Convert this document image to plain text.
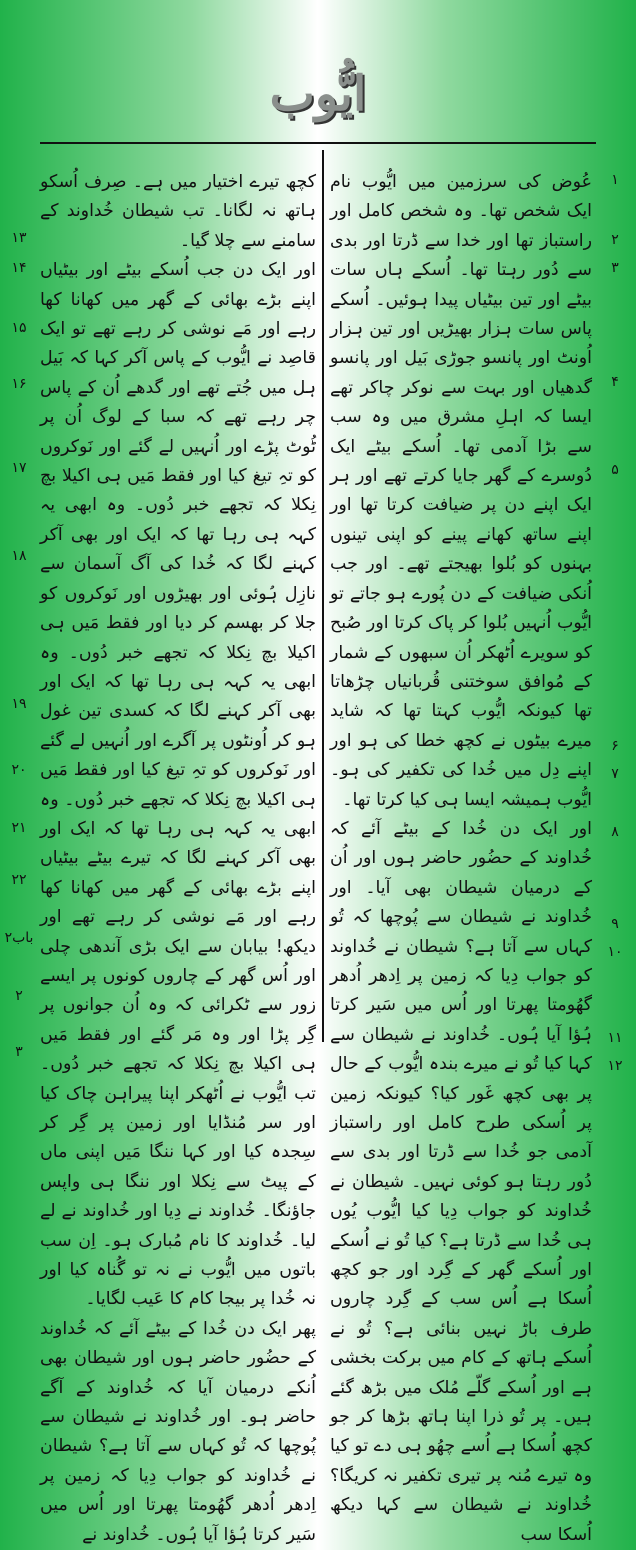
ایُّوب

عُوض کی سرزمین میں ایُّوب نام ایک شخص تھا۔ وہ شخص کامل اور راستباز تھا اور خدا سے ڈرتا اور بدی سے دُور رہتا تھا۔ اُسکے ہاں سات بیٹے اور تین بیٹیاں پیدا ہوئیں۔ اُسکے پاس سات ہزار بھیڑیں اور تین ہزار اُونٹ اور پانسو جوڑی بَیل اور پانسو گدھیاں اور بہت سے نوکر چاکر تھے ایسا کہ اہلِ مشرق میں وہ سب سے بڑا آدمی تھا۔ اُسکے بیٹے ایک دُوسرے کے گھر جایا کرتے تھے اور ہر ایک اپنے دن پر ضیافت کرتا تھا اور اپنے ساتھ کھانے پینے کو اپنی تینوں بہنوں کو بُلوا بھیجتے تھے۔ اور جب اُنکی ضیافت کے دن پُورے ہو جاتے تو ایُّوب اُنہیں بُلوا کر پاک کرتا اور صُبح کو سویرے اُٹھکر اُن سبھوں کے شمار کے مُوافق سوختنی قُربانیاں چڑھاتا تھا کیونکہ ایُّوب کہتا تھا کہ شاید میرے بیٹوں نے کچھ خطا کی ہو اور اپنے دِل میں خُدا کی تکفیر کی ہو۔ ایُّوب ہمیشہ ایسا ہی کیا کرتا تھا۔

اور ایک دن خُدا کے بیٹے آئے کہ خُداوند کے حضُور حاضر ہوں اور اُن کے درمیان شیطان بھی آیا۔ اور خُداوند نے شیطان سے پُوچھا کہ تُو کہاں سے آتا ہے؟ شیطان نے خُداوند کو جواب دِیا کہ زمین پر اِدھر اُدھر گھُومتا پھرتا اور اُس میں سَیر کرتا ہُؤا آیا ہُوں۔ خُداوند نے شیطان سے کہا کیا تُو نے میرے بندہ ایُّوب کے حال پر بھی کچھ غَور کیا؟ کیونکہ زمین پر اُسکی طرح کامل اور راستباز آدمی جو خُدا سے ڈرتا اور بدی سے دُور رہتا ہو کوئی نہیں۔ شیطان نے خُداوند کو جواب دِیا کیا ایُّوب یُوں ہی خُدا سے ڈرتا ہے؟ کیا تُو نے اُسکے اور اُسکے گھر کے گِرد اور جو کچھ اُسکا ہے اُس سب کے گِرد چاروں طرف باڑ نہیں بنائی ہے؟ تُو نے اُسکے ہاتھ کے کام میں برکت بخشی ہے اور اُسکے گلّے مُلک میں بڑھ گئے ہیں۔ پر تُو ذرا اپنا ہاتھ بڑھا کر جو کچھ اُسکا ہے اُسے چھُو ہی دے تو کیا وہ تیرے مُنہ پر تیری تکفیر نہ کریگا؟ خُداوند نے شیطان سے کہا دیکھ اُسکا سب

کچھ تیرے اختیار میں ہے۔ صِرف اُسکو ہاتھ نہ لگانا۔ تب شیطان خُداوند کے سامنے سے چلا گیا۔

اور ایک دن جب اُسکے بیٹے اور بیٹیاں اپنے بڑے بھائی کے گھر میں کھانا کھا رہے اور مَے نوشی کر رہے تھے تو ایک قاصِد نے ایُّوب کے پاس آکر کہا کہ بَیل ہل میں جُتے تھے اور گدھے اُن کے پاس چر رہے تھے کہ سبا کے لوگ اُن پر ٹُوٹ پڑے اور اُنہیں لے گئے اور نَوکروں کو تہِ تیغ کیا اور فقط مَیں ہی اکیلا بچ نِکلا کہ تجھے خبر دُوں۔ وہ ابھی یہ کہہ ہی رہا تھا کہ ایک اور بھی آکر کہنے لگا کہ خُدا کی آگ آسمان سے نازِل ہُوئی اور بھیڑوں اور نَوکروں کو جلا کر بھسم کر دیا اور فقط مَیں ہی اکیلا بچ نِکلا کہ تجھے خبر دُوں۔ وہ ابھی یہ کہہ ہی رہا تھا کہ ایک اور بھی آکر کہنے لگا کہ کسدی تین غول ہو کر اُونٹوں پر آگرے اور اُنہیں لے گئے اور نَوکروں کو تہِ تیغ کیا اور فقط مَیں ہی اکیلا بچ نِکلا کہ تجھے خبر دُوں۔ وہ ابھی یہ کہہ ہی رہا تھا کہ ایک اور بھی آکر کہنے لگا کہ تیرے بیٹے بیٹیاں اپنے بڑے بھائی کے گھر میں کھانا کھا رہے اور مَے نوشی کر رہے تھے اور دیکھ! بیابان سے ایک بڑی آندھی چلی اور اُس گھر کے چاروں کونوں پر ایسے زور سے ٹکرائی کہ وہ اُن جوانوں پر گِر پڑا اور وہ مَر گئے اور فقط مَیں ہی اکیلا بچ نِکلا کہ تجھے خبر دُوں۔ تب ایُّوب نے اُٹھکر اپنا پیراہن چاک کیا اور سر مُنڈایا اور زمین پر گِر کر سِجدہ کیا اور کہا ننگا مَیں اپنی ماں کے پیٹ سے نِکلا اور ننگا ہی واپس جاؤنگا۔ خُداوند نے دِیا اور خُداوند نے لے لیا۔ خُداوند کا نام مُبارک ہو۔ اِن سب باتوں میں ایُّوب نے نہ تو گُناہ کیا اور نہ خُدا پر بیجا کام کا عَیب لگایا۔

پھر ایک دن خُدا کے بیٹے آئے کہ خُداوند کے حضُور حاضر ہوں اور شیطان بھی اُنکے درمیان آیا کہ خُداوند کے آگے حاضر ہو۔ اور خُداوند نے شیطان سے پُوچھا کہ تُو کہاں سے آتا ہے؟ شیطان نے خُداوند کو جواب دِیا کہ زمین پر اِدھر اُدھر گھُومتا پھرتا اور اُس میں سَیر کرتا ہُؤا آیا ہُوں۔ خُداوند نے

۱
۲
۳
۴
۵
۶
۷
۸
۹
۱۰
۱۱
۱۲
۱۳
۱۴
۱۵
۱۶
۱۷
۱۸
۱۹
۲۰
۲۱
۲۲
باب۲
۲
۳
